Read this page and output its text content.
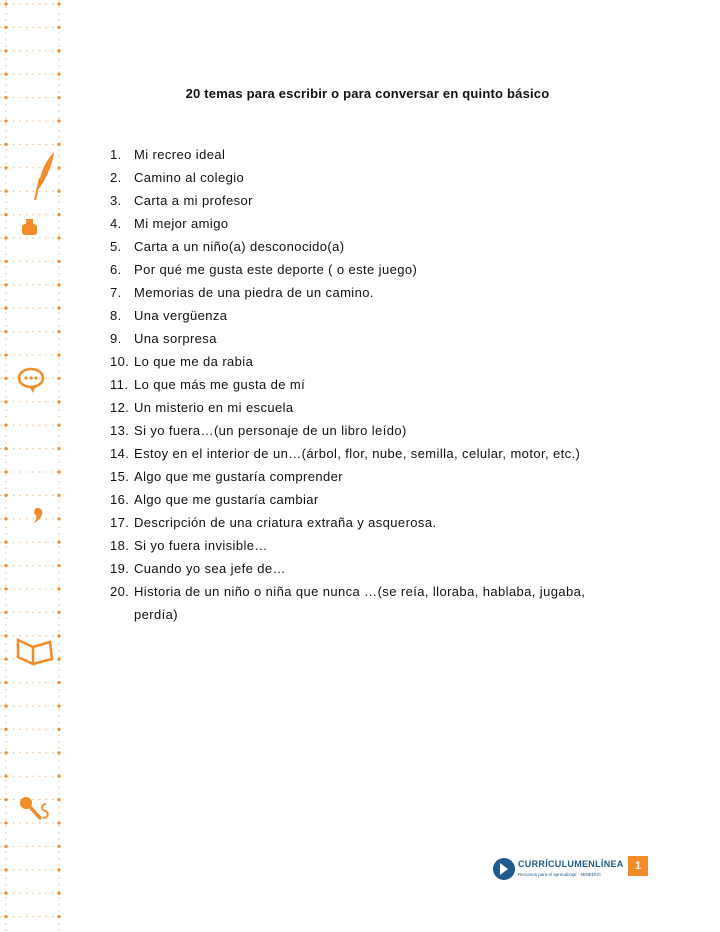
20 temas para escribir o para conversar en quinto básico
1. Mi recreo ideal
2. Camino al colegio
3. Carta a mi profesor
4. Mi mejor amigo
5. Carta a un niño(a) desconocido(a)
6. Por qué me gusta este deporte ( o este juego)
7. Memorias de una piedra de un camino.
8. Una vergüenza
9. Una sorpresa
10. Lo que me da rabia
11. Lo que más me gusta de mí
12. Un misterio en mi escuela
13. Si yo fuera…(un personaje de un libro leído)
14. Estoy en el interior de un…(árbol, flor, nube, semilla, celular, motor, etc.)
15. Algo que me gustaría comprender
16. Algo que me gustaría cambiar
17. Descripción de una criatura extraña y asquerosa.
18. Si yo fuera invisible…
19. Cuando yo sea jefe de…
20. Historia de un niño o niña que nunca …(se reía, lloraba, hablaba, jugaba, perdía)
CURRÍCULUMENLÍNEA
Recursos para el aprendizaje · MINEDUC
1
